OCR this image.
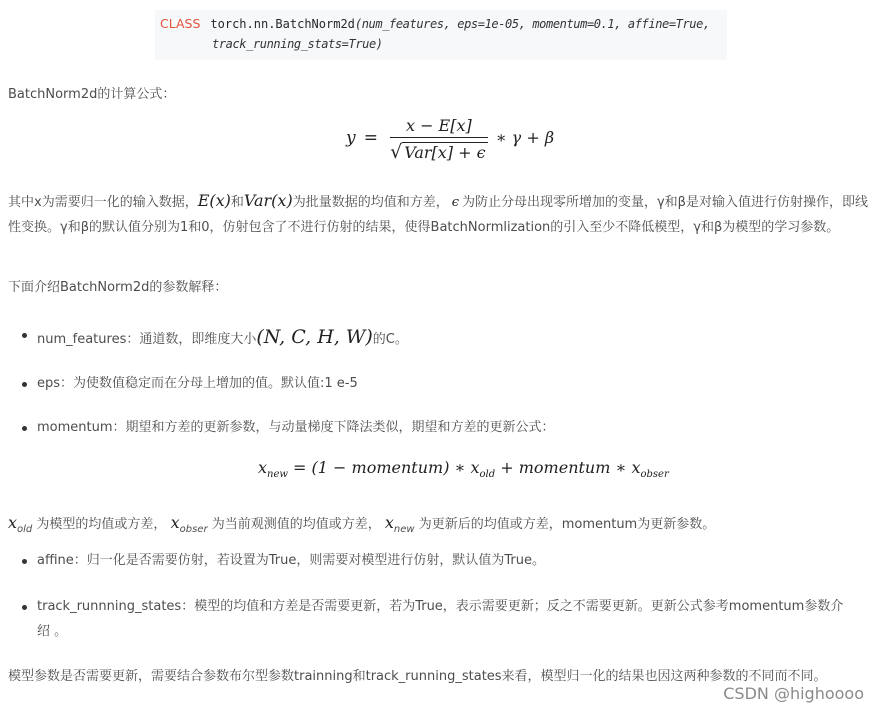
CLASS torch.nn.BatchNorm2d(num_features, eps=1e-05, momentum=0.1, affine=True,
track_running_stats=True)
BatchNorm2d的计算公式：
$y = \frac{x - E[x]}{\text{√ Var[x] + ϵ}}$ ∗ γ + β
其中x为需要归一化的输入数据，E(x)和Var(x)为批量数据的均值和方差， ϵ 为防止分母出现零所增加的变量，γ和β是对输入值进行仿射操作，即线性变换。γ和β的默认值分别为1和0，仿射包含了不进行仿射的结果，使得BatchNormlization的引入至少不降低模型，γ和β为模型的学习参数。
下面介绍BatchNorm2d的参数解释：
num_features：通道数，即维度大小(N, C, H, W)的C。
eps：为使数值稳定而在分母上增加的值。默认值:1 e-5
momentum：期望和方差的更新参数，与动量梯度下降法类似，期望和方差的更新公式：
$x_{new} = (1$ − momentum) ∗ $x_{old}$ + momentum ∗ $x_{obser}$
$x_{old}$ 为模型的均值或方差， $x_{obser}$ 为当前观测值的均值或方差， $x_{new}$ 为更新后的均值或方差，momentum为更新参数。
affine：归一化是否需要仿射，若设置为True，则需要对模型进行仿射，默认值为True。
track_runnning_states：模型的均值和方差是否需要更新，若为True，表示需要更新；反之不需要更新。更新公式参考momentum参数介绍 。
模型参数是否需要更新，需要结合参数布尔型参数trainning和track_running_states来看，模型归一化的结果也因这两种参数的不同而不同。
CSDN @highoooo
